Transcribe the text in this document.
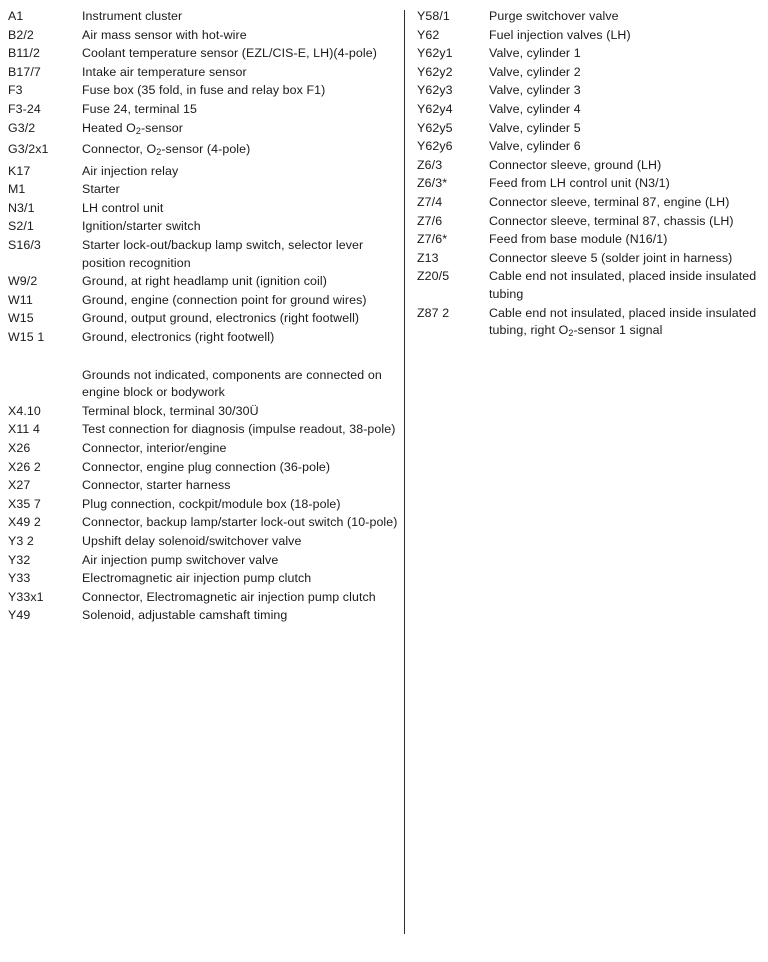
A1	Instrument cluster
B2/2	Air mass sensor with hot-wire
B11/2	Coolant temperature sensor (EZL/CIS-E, LH)(4-pole)
B17/7	Intake air temperature sensor
F3	Fuse box (35 fold, in fuse and relay box F1)
F3-24	Fuse 24, terminal 15
G3/2	Heated $O_2$-sensor
G3/2x1	Connector, $O_2$-sensor (4-pole)
K17	Air injection relay
M1	Starter
N3/1	LH control unit
S2/1	Ignition/starter switch
S16/3	Starter lock-out/backup lamp switch, selector lever position recognition
W9/2	Ground, at right headlamp unit (ignition coil)
W11	Ground, engine (connection point for ground wires)
W15	Ground, output ground, electronics (right footwell)
W15 1	Ground, electronics (right footwell)

	Grounds not indicated, components are connected on engine block or bodywork
X4.10	Terminal block, terminal 30/30Ü
X11 4	Test connection for diagnosis (impulse readout, 38-pole)
X26	Connector, interior/engine
X26 2	Connector, engine plug connection (36-pole)
X27	Connector, starter harness
X35 7	Plug connection, cockpit/module box (18-pole)
X49 2	Connector, backup lamp/starter lock-out switch (10-pole)
Y3 2	Upshift delay solenoid/switchover valve
Y32	Air injection pump switchover valve
Y33	Electromagnetic air injection pump clutch
Y33x1	Connector, Electromagnetic air injection pump clutch
Y49	Solenoid, adjustable camshaft timing
Y58/1	Purge switchover valve
Y62	Fuel injection valves (LH)
Y62y1	Valve, cylinder 1
Y62y2	Valve, cylinder 2
Y62y3	Valve, cylinder 3
Y62y4	Valve, cylinder 4
Y62y5	Valve, cylinder 5
Y62y6	Valve, cylinder 6
Z6/3	Connector sleeve, ground (LH)
Z6/3*	Feed from LH control unit (N3/1)
Z7/4	Connector sleeve, terminal 87, engine (LH)
Z7/6	Connector sleeve, terminal 87, chassis (LH)
Z7/6*	Feed from base module (N16/1)
Z13	Connector sleeve 5 (solder joint in harness)
Z20/5	Cable end not insulated, placed inside insulated tubing
Z87 2	Cable end not insulated, placed inside insulated tubing, right $O_2$-sensor 1 signal
